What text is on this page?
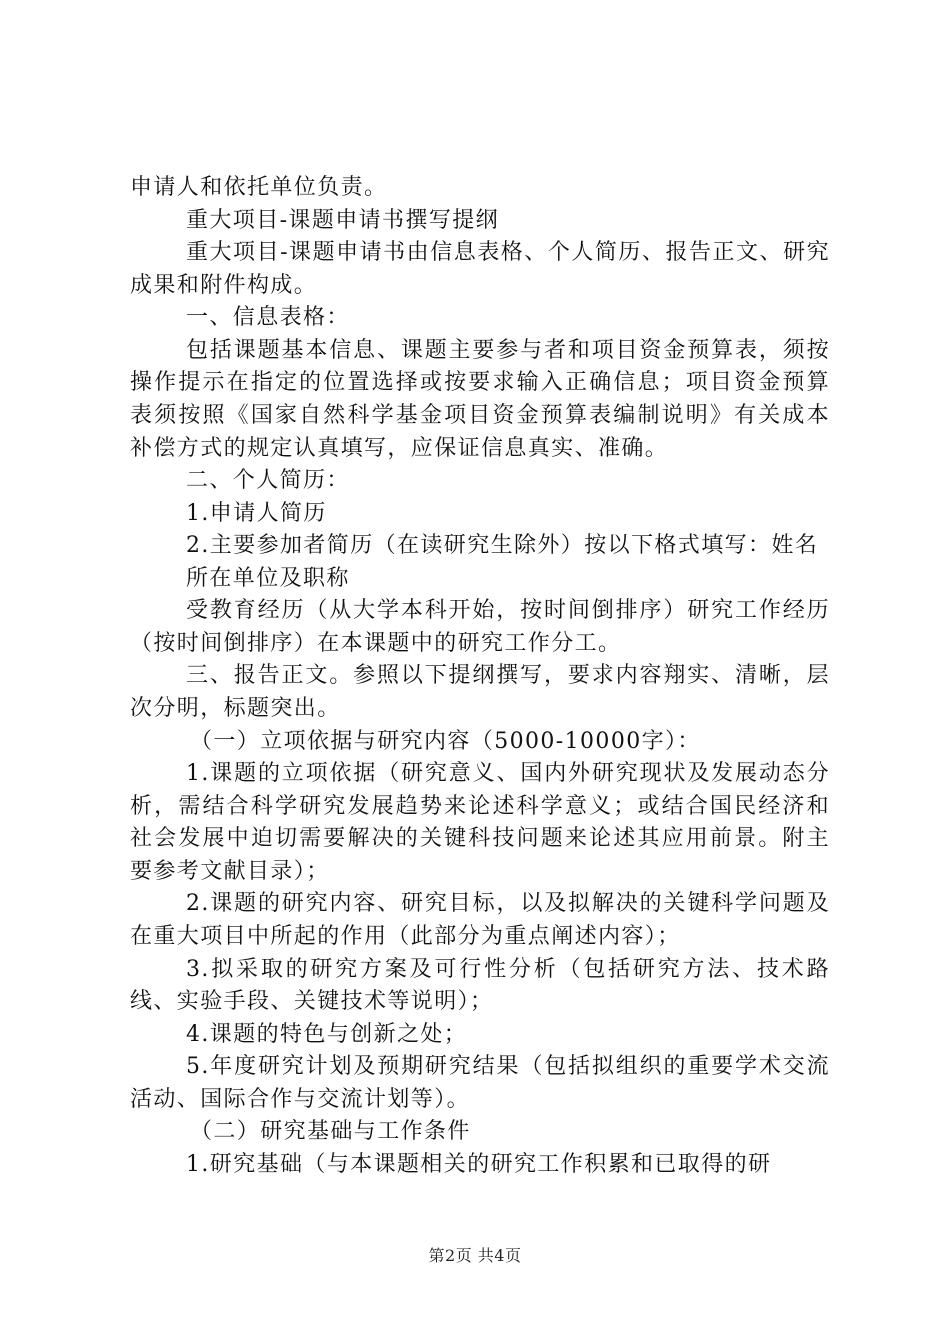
申请人和依托单位负责。

重大项目-课题申请书撰写提纲

重大项目-课题申请书由信息表格、个人简历、报告正文、研究成果和附件构成。

一、信息表格：

包括课题基本信息、课题主要参与者和项目资金预算表，须按操作提示在指定的位置选择或按要求输入正确信息；项目资金预算表须按照《国家自然科学基金项目资金预算表编制说明》有关成本补偿方式的规定认真填写，应保证信息真实、准确。

二、个人简历：

1.申请人简历

2.主要参加者简历（在读研究生除外）按以下格式填写：姓名

所在单位及职称

受教育经历（从大学本科开始，按时间倒排序）研究工作经历（按时间倒排序）在本课题中的研究工作分工。

三、报告正文。参照以下提纲撰写，要求内容翔实、清晰，层次分明，标题突出。

（一）立项依据与研究内容（5000-10000字）：

1.课题的立项依据（研究意义、国内外研究现状及发展动态分析，需结合科学研究发展趋势来论述科学意义；或结合国民经济和社会发展中迫切需要解决的关键科技问题来论述其应用前景。附主要参考文献目录）；

2.课题的研究内容、研究目标，以及拟解决的关键科学问题及在重大项目中所起的作用（此部分为重点阐述内容）；

3.拟采取的研究方案及可行性分析（包括研究方法、技术路线、实验手段、关键技术等说明）；

4.课题的特色与创新之处；

5.年度研究计划及预期研究结果（包括拟组织的重要学术交流活动、国际合作与交流计划等）。

（二）研究基础与工作条件

1.研究基础（与本课题相关的研究工作积累和已取得的研

第2页 共4页
